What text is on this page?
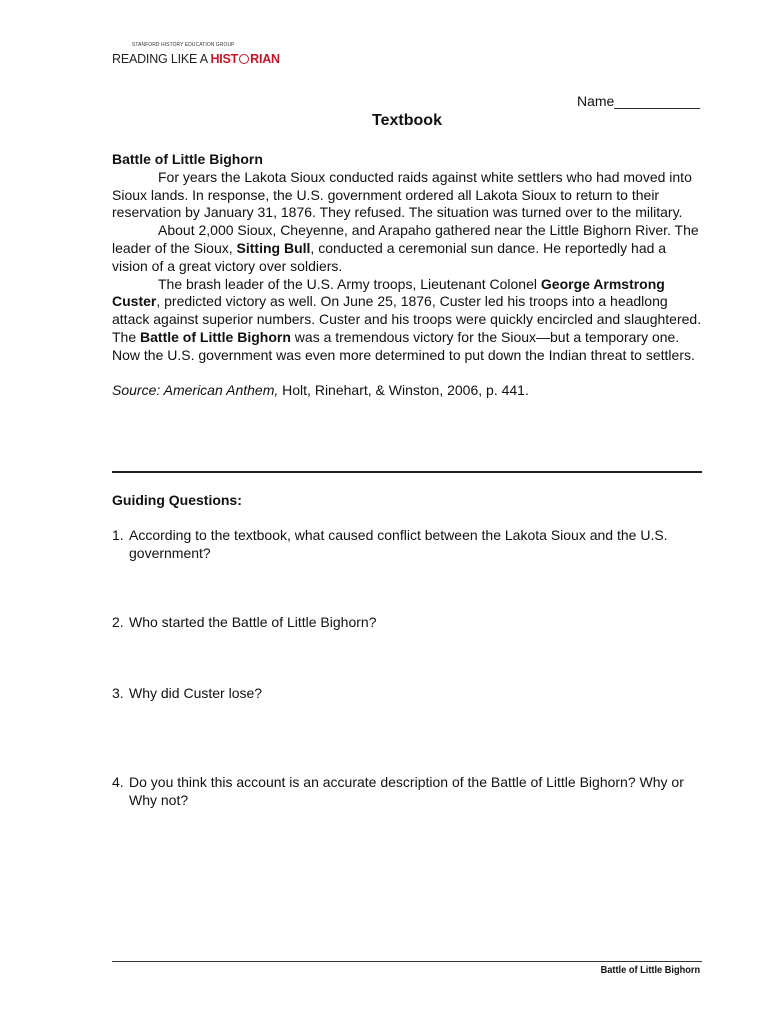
STANFORD HISTORY EDUCATION GROUP
READING LIKE A HIST RIAN
Name___________
Textbook
Battle of Little Bighorn

For years the Lakota Sioux conducted raids against white settlers who had moved into Sioux lands. In response, the U.S. government ordered all Lakota Sioux to return to their reservation by January 31, 1876. They refused. The situation was turned over to the military.

About 2,000 Sioux, Cheyenne, and Arapaho gathered near the Little Bighorn River. The leader of the Sioux, Sitting Bull, conducted a ceremonial sun dance. He reportedly had a vision of a great victory over soldiers.

The brash leader of the U.S. Army troops, Lieutenant Colonel George Armstrong Custer, predicted victory as well. On June 25, 1876, Custer led his troops into a headlong attack against superior numbers. Custer and his troops were quickly encircled and slaughtered. The Battle of Little Bighorn was a tremendous victory for the Sioux—but a temporary one. Now the U.S. government was even more determined to put down the Indian threat to settlers.

Source: American Anthem, Holt, Rinehart, & Winston, 2006, p. 441.
Guiding Questions:
1. According to the textbook, what caused conflict between the Lakota Sioux and the U.S. government?
2. Who started the Battle of Little Bighorn?
3. Why did Custer lose?
4. Do you think this account is an accurate description of the Battle of Little Bighorn? Why or Why not?
Battle of Little Bighorn
